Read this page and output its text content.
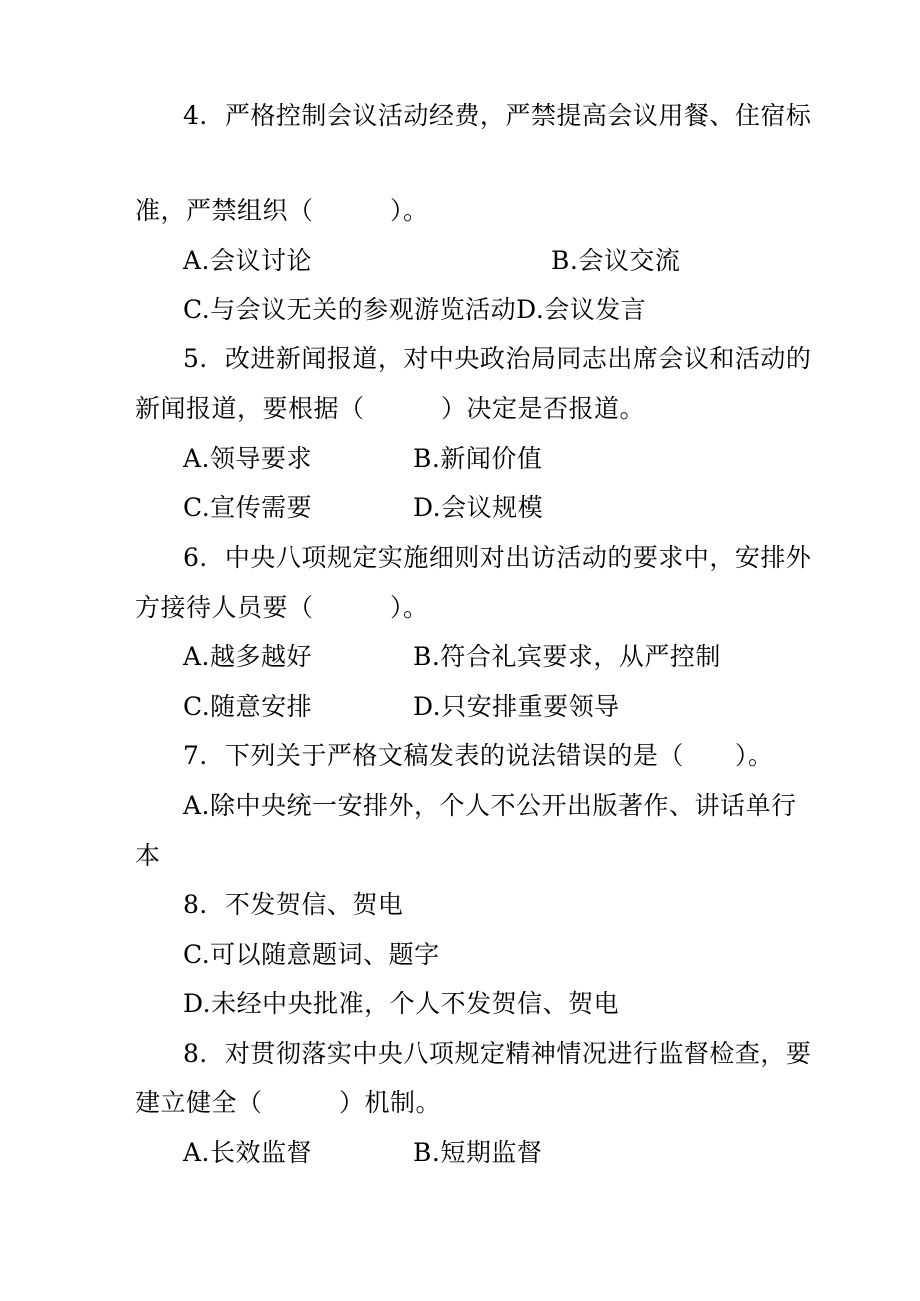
4．严格控制会议活动经费，严禁提高会议用餐、住宿标
准，严禁组织（　　　）。
A.会议讨论	B.会议交流
C.与会议无关的参观游览活动D.会议发言
5．改进新闻报道，对中央政治局同志出席会议和活动的
新闻报道，要根据（　　　）决定是否报道。
A.领导要求	B.新闻价值
C.宣传需要	D.会议规模
6．中央八项规定实施细则对出访活动的要求中，安排外
方接待人员要（　　　）。
A.越多越好	B.符合礼宾要求，从严控制
C.随意安排	D.只安排重要领导
7．下列关于严格文稿发表的说法错误的是（　　）。
A.除中央统一安排外，个人不公开出版著作、讲话单行
本
8．不发贺信、贺电
C.可以随意题词、题字
D.未经中央批准，个人不发贺信、贺电
8．对贯彻落实中央八项规定精神情况进行监督检查，要
建立健全（　　　）机制。
A.长效监督	B.短期监督
